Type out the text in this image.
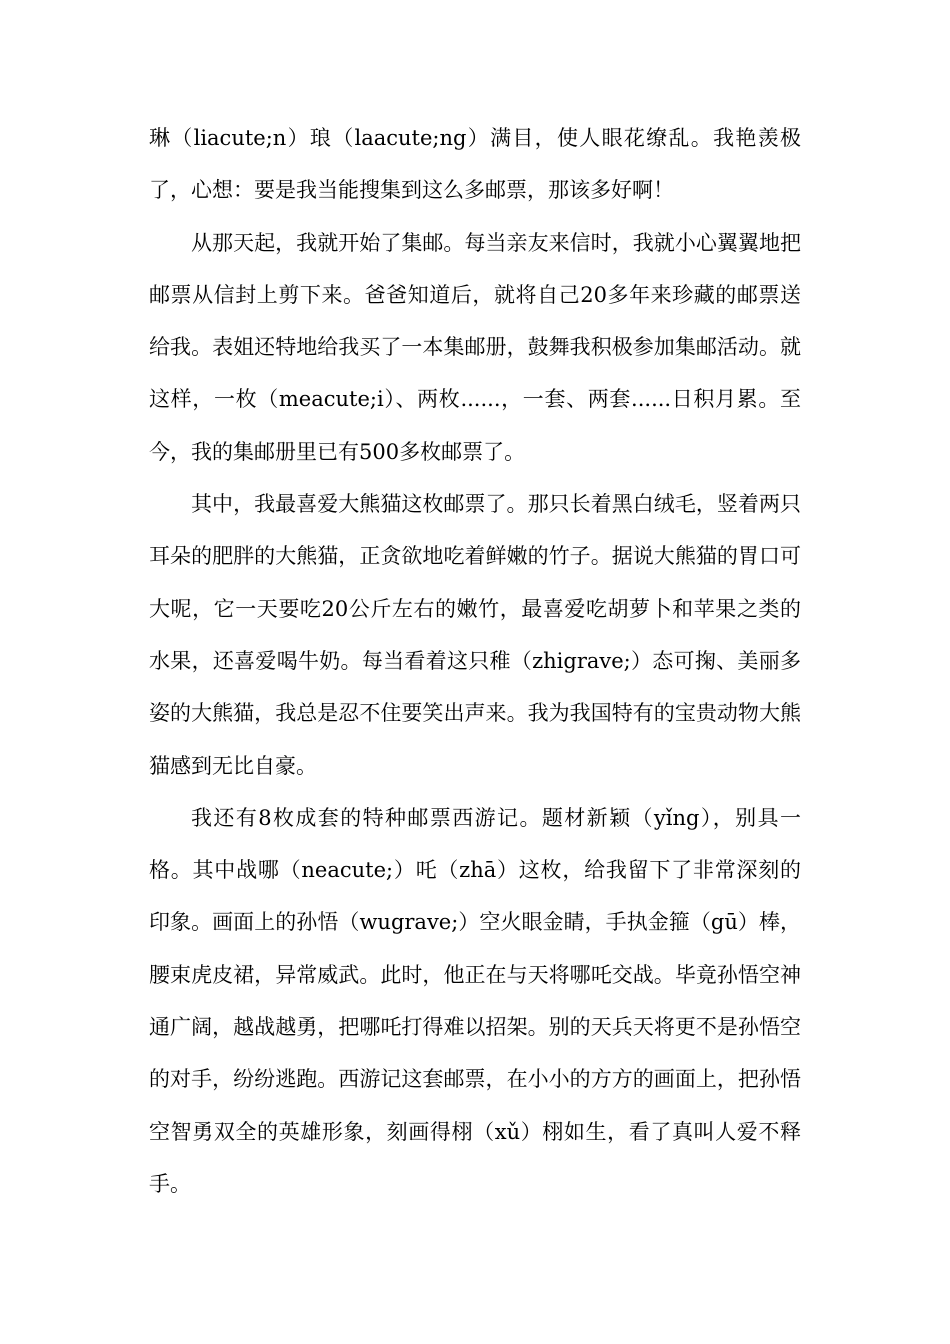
琳（liacute;n）琅（laacute;ng）满目，使人眼花缭乱。我艳羡极了，心想：要是我当能搜集到这么多邮票，那该多好啊！

从那天起，我就开始了集邮。每当亲友来信时，我就小心翼翼地把邮票从信封上剪下来。爸爸知道后，就将自己20多年来珍藏的邮票送给我。表姐还特地给我买了一本集邮册，鼓舞我积极参加集邮活动。就这样，一枚（meacute;i）、两枚......，一套、两套......日积月累。至今，我的集邮册里已有500多枚邮票了。

其中，我最喜爱大熊猫这枚邮票了。那只长着黑白绒毛，竖着两只耳朵的肥胖的大熊猫，正贪欲地吃着鲜嫩的竹子。据说大熊猫的胃口可大呢，它一天要吃20公斤左右的嫩竹，最喜爱吃胡萝卜和苹果之类的水果，还喜爱喝牛奶。每当看着这只稚（zhigrave;）态可掬、美丽多姿的大熊猫，我总是忍不住要笑出声来。我为我国特有的宝贵动物大熊猫感到无比自豪。

我还有8枚成套的特种邮票西游记。题材新颖（yǐng），别具一格。其中战哪（neacute;）吒（zhā）这枚，给我留下了非常深刻的印象。画面上的孙悟（wugrave;）空火眼金睛，手执金箍（gū）棒，腰束虎皮裙，异常威武。此时，他正在与天将哪吒交战。毕竟孙悟空神通广阔，越战越勇，把哪吒打得难以招架。别的天兵天将更不是孙悟空的对手，纷纷逃跑。西游记这套邮票，在小小的方方的画面上，把孙悟空智勇双全的英雄形象，刻画得栩（xǔ）栩如生，看了真叫人爱不释手。
